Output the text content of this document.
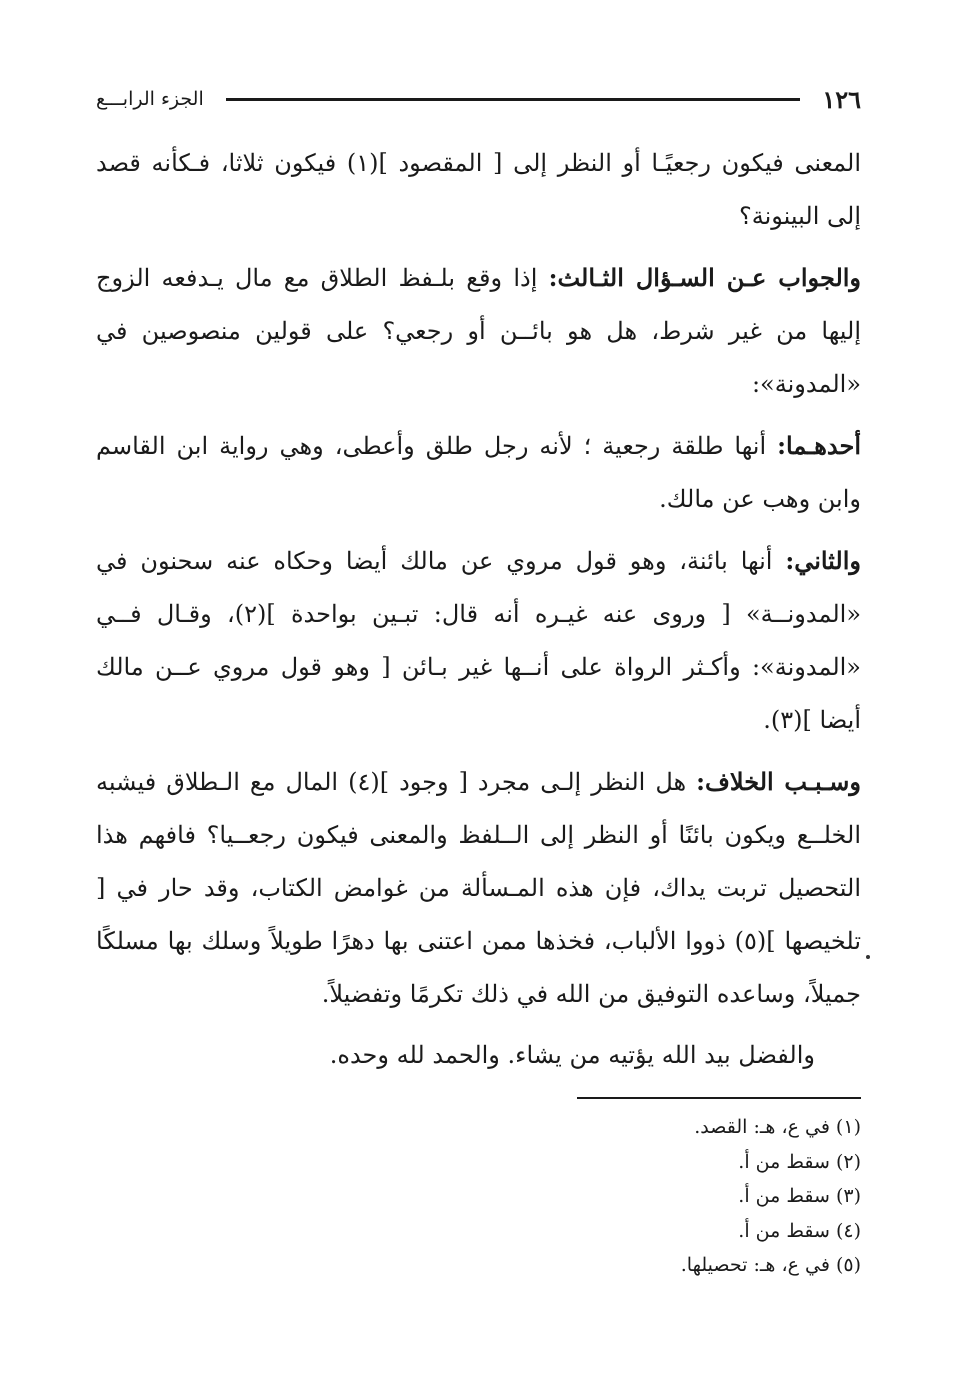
١٢٦
الجزء الرابـــع

المعنى فيكون رجعيًـا أو النظر إلى [ المقصود ](١) فيكون ثلاثا، فـكأنه قصد إلى البينونة؟

والجواب عـن السـؤال الثـالث: إذا وقع بلـفظ الطلاق مع مال يـدفعه الزوج إليها من غير شرط، هل هو بائــن أو رجعي؟ على قولين منصوصين في «المدونة»:

أحدهـما: أنها طلقة رجعية ؛ لأنه رجل طلق وأعطى، وهي رواية ابن القاسم وابن وهب عن مالك.

والثاني: أنها بائنة، وهو قول مروي عن مالك أيضا وحكاه عنه سحنون في «المدونــة» [ وروى عنه غيـره أنه قال: تبـين بواحدة ](٢)، وقـال فــي «المدونة»: وأكـثر الرواة على أنــها غير بـائن [ وهو قول مروي عــن مالك أيضا ](٣).

وسـبـب الخلاف: هل النظر إلـى مجرد [ وجود ](٤) المال مع الـطلاق فيشبه الخلــع ويكون بائنًا أو النظر إلى الــلفظ والمعنى فيكون رجعــيا؟ فافهم هذا التحصيل تربت يداك، فإن هذه المـسألة من غوامض الكتاب، وقد حار في [ تلخيصها ](٥) ذووا الألباب، فخذها ممن اعتنى بها دهرًا طويلاً وسلك بها مسلكًا جميلاً، وساعده التوفيق من الله في ذلك تكرمًا وتفضيلاً.

والفضل بيد الله يؤتيه من يشاء. والحمد لله وحده.

(١) في ع، هـ: القصد.

(٢) سقط من أ.

(٣) سقط من أ.

(٤) سقط من أ.

(٥) في ع، هـ: تحصيلها.
